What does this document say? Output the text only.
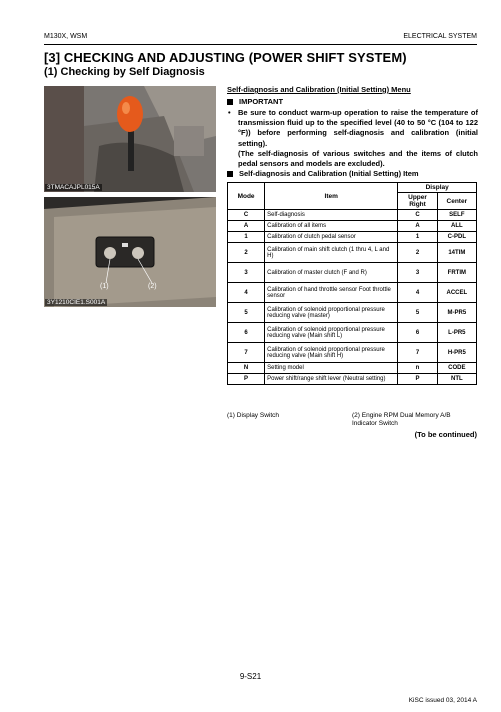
M130X, WSM	ELECTRICAL SYSTEM
[3] CHECKING AND ADJUSTING (POWER SHIFT SYSTEM)
(1) Checking by Self Diagnosis
3TMACAJPL015A
(1)	(2)
3Y1210CIE1.S001A
Self-diagnosis and Calibration (Initial Setting) Menu
IMPORTANT

• Be sure to conduct warm-up operation to raise the temperature of transmission fluid up to the specified level (40 to 50 °C (104 to 122 °F)) before performing self-diagnosis and calibration (initial setting).

(The self-diagnosis of various switches and the items of clutch pedal sensors and models are excluded).

Self-diagnosis and Calibration (Initial Setting) Item
Mode	Item	Display	
		Upper Right	Center
C	Self-diagnosis	C	SELF
A	Calibration of all items	A	ALL
1	Calibration of clutch pedal sensor	1	C-PDL
2	Calibration of main shift clutch (1 thru 4, L and H)	2	14TIM
3	Calibration of master clutch (F and R)	3	FRTIM
4	Calibration of hand throttle sensor Foot throttle sensor	4	ACCEL
5	Calibration of solenoid proportional pressure reducing valve (master)	5	M-PR5
6	Calibration of solenoid proportional pressure reducing valve (Main shift L)	6	L-PR5
7	Calibration of solenoid proportional pressure reducing valve (Main shift H)	7	H-PR5
N	Setting model	n	CODE
P	Power shift/range shift lever (Neutral setting)	P	NTL
(1) Display Switch	(2) Engine RPM Dual Memory A/B Indicator Switch
(To be continued)
9-S21
KiSC issued 03, 2014 A
